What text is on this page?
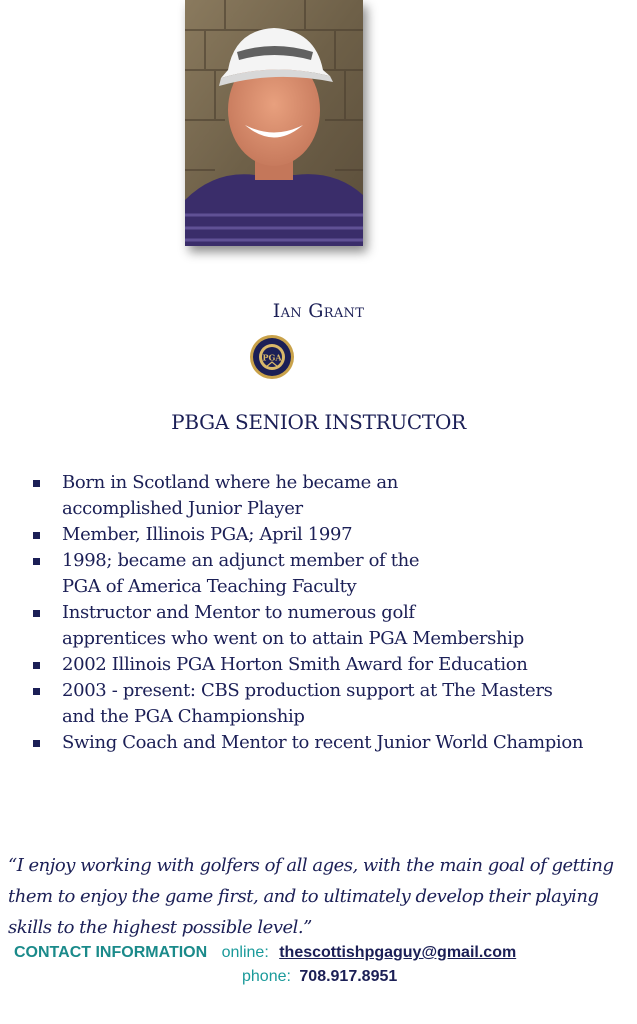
Ian Grant
PGA
PBGA SENIOR INSTRUCTOR
Born in Scotland where he became an
accomplished Junior Player
Member, Illinois PGA; April 1997
1998; became an adjunct member of the
PGA of America Teaching Faculty
Instructor and Mentor to numerous golf
apprentices who went on to attain PGA Membership
2002 Illinois PGA Horton Smith Award for Education
2003 - present: CBS production support at The Masters
and the PGA Championship
Swing Coach and Mentor to recent Junior World Champion
“I enjoy working with golfers of all ages, with the main goal of getting
them to enjoy the game first, and to ultimately develop their playing
skills to the highest possible level.”
CONTACT INFORMATION online: thescottishpgaguy@gmail.com
phone: 708.917.8951
